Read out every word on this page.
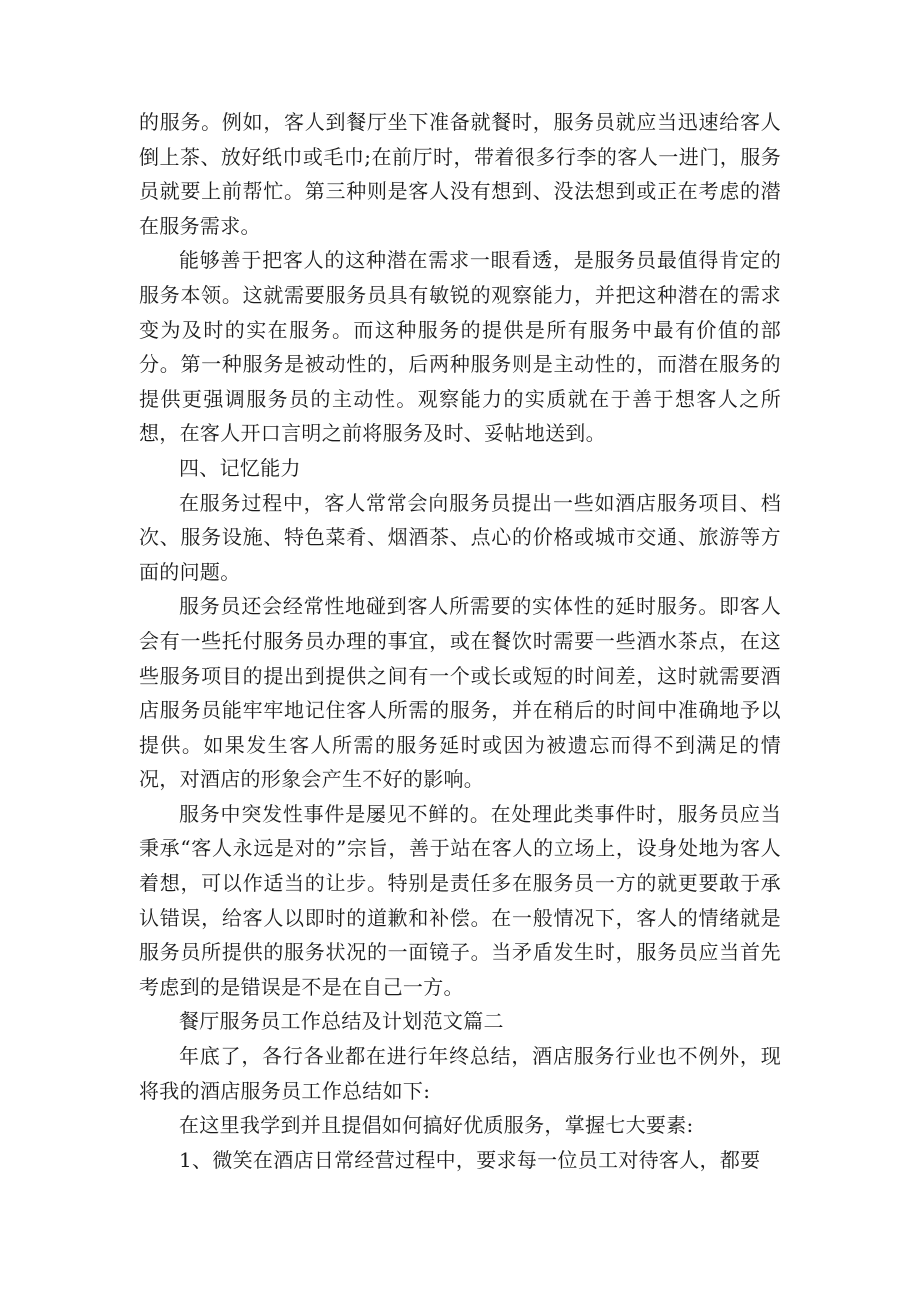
的服务。例如，客人到餐厅坐下准备就餐时，服务员就应当迅速给客人倒上茶、放好纸巾或毛巾;在前厅时，带着很多行李的客人一进门，服务员就要上前帮忙。第三种则是客人没有想到、没法想到或正在考虑的潜在服务需求。

能够善于把客人的这种潜在需求一眼看透，是服务员最值得肯定的服务本领。这就需要服务员具有敏锐的观察能力，并把这种潜在的需求变为及时的实在服务。而这种服务的提供是所有服务中最有价值的部分。第一种服务是被动性的，后两种服务则是主动性的，而潜在服务的提供更强调服务员的主动性。观察能力的实质就在于善于想客人之所想，在客人开口言明之前将服务及时、妥帖地送到。

四、记忆能力

在服务过程中，客人常常会向服务员提出一些如酒店服务项目、档次、服务设施、特色菜肴、烟酒茶、点心的价格或城市交通、旅游等方面的问题。

服务员还会经常性地碰到客人所需要的实体性的延时服务。即客人会有一些托付服务员办理的事宜，或在餐饮时需要一些酒水茶点，在这些服务项目的提出到提供之间有一个或长或短的时间差，这时就需要酒店服务员能牢牢地记住客人所需的服务，并在稍后的时间中准确地予以提供。如果发生客人所需的服务延时或因为被遗忘而得不到满足的情况，对酒店的形象会产生不好的影响。

服务中突发性事件是屡见不鲜的。在处理此类事件时，服务员应当秉承“客人永远是对的”宗旨，善于站在客人的立场上，设身处地为客人着想，可以作适当的让步。特别是责任多在服务员一方的就更要敢于承认错误，给客人以即时的道歉和补偿。在一般情况下，客人的情绪就是服务员所提供的服务状况的一面镜子。当矛盾发生时，服务员应当首先考虑到的是错误是不是在自己一方。

餐厅服务员工作总结及计划范文篇二

年底了，各行各业都在进行年终总结，酒店服务行业也不例外，现将我的酒店服务员工作总结如下:

在这里我学到并且提倡如何搞好优质服务，掌握七大要素:

1、微笑在酒店日常经营过程中，要求每一位员工对待客人，都要
